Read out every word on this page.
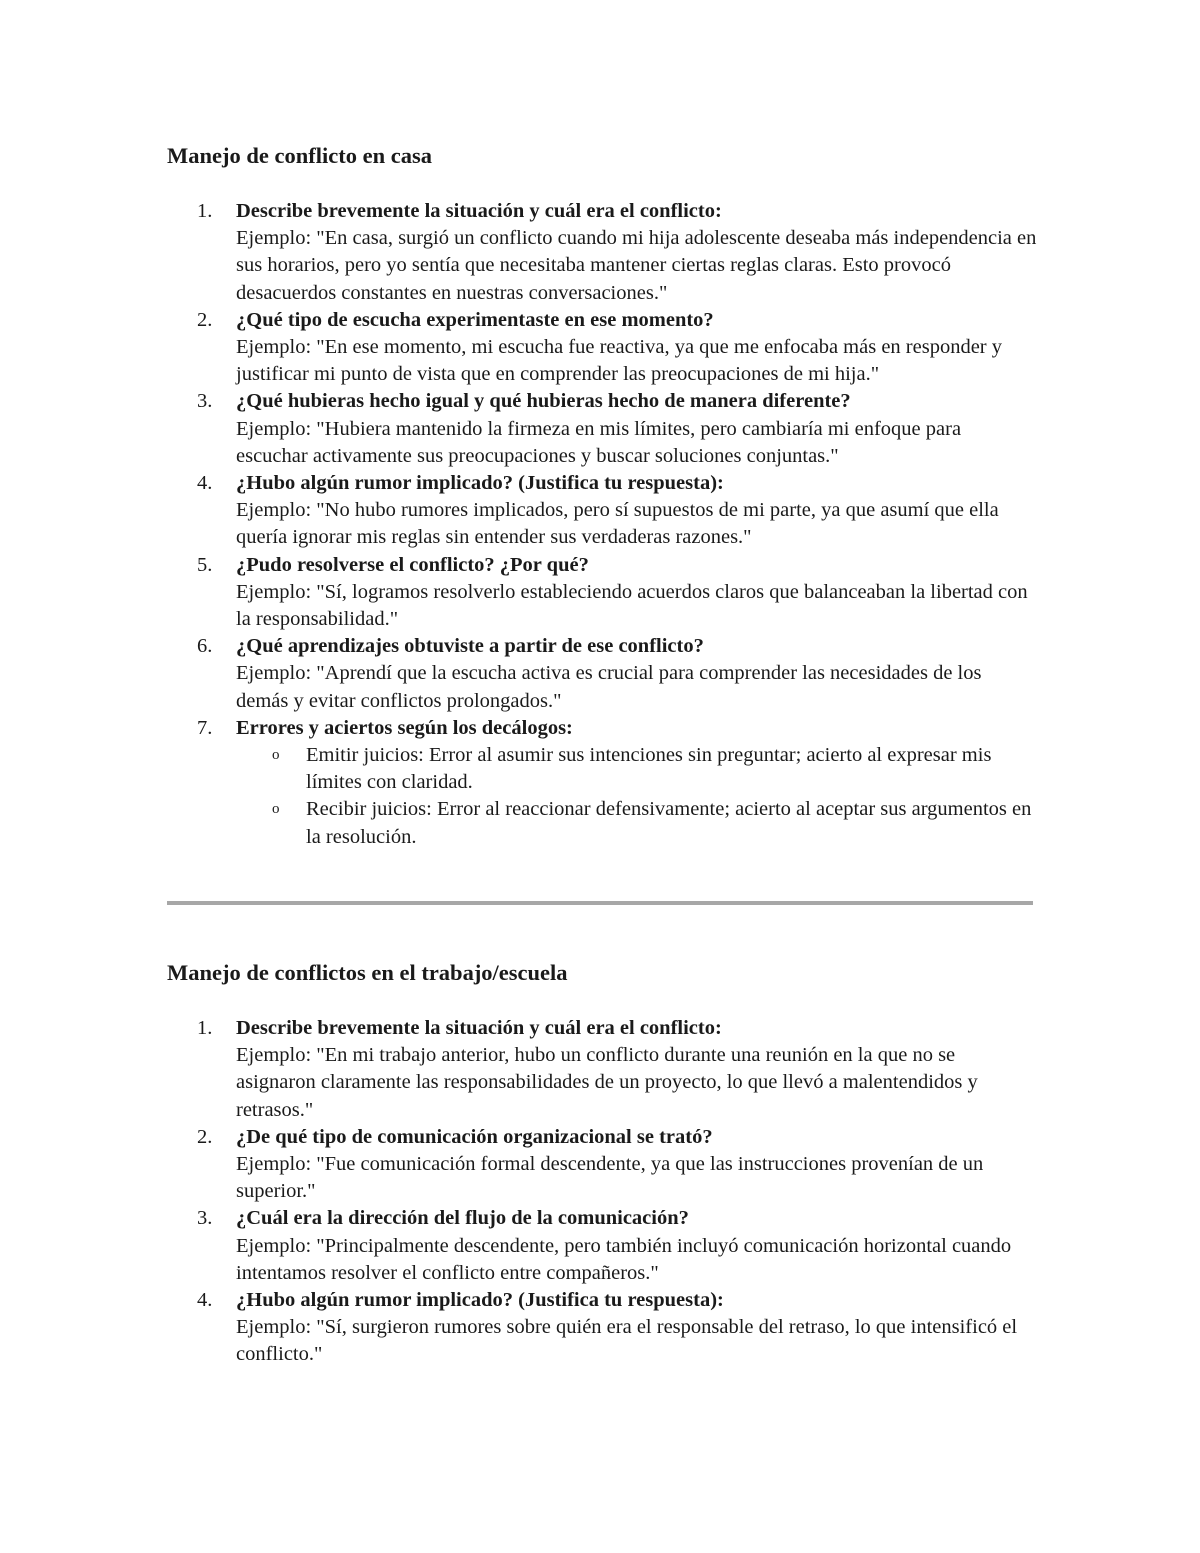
Manejo de conflicto en casa
1.	Describe brevemente la situación y cuál era el conflicto:
Ejemplo: "En casa, surgió un conflicto cuando mi hija adolescente deseaba más independencia en sus horarios, pero yo sentía que necesitaba mantener ciertas reglas claras. Esto provocó desacuerdos constantes en nuestras conversaciones."
2.	¿Qué tipo de escucha experimentaste en ese momento?
Ejemplo: "En ese momento, mi escucha fue reactiva, ya que me enfocaba más en responder y justificar mi punto de vista que en comprender las preocupaciones de mi hija."
3.	¿Qué hubieras hecho igual y qué hubieras hecho de manera diferente?
Ejemplo: "Hubiera mantenido la firmeza en mis límites, pero cambiaría mi enfoque para escuchar activamente sus preocupaciones y buscar soluciones conjuntas."
4.	¿Hubo algún rumor implicado? (Justifica tu respuesta):
Ejemplo: "No hubo rumores implicados, pero sí supuestos de mi parte, ya que asumí que ella quería ignorar mis reglas sin entender sus verdaderas razones."
5.	¿Pudo resolverse el conflicto? ¿Por qué?
Ejemplo: "Sí, logramos resolverlo estableciendo acuerdos claros que balanceaban la libertad con la responsabilidad."
6.	¿Qué aprendizajes obtuviste a partir de ese conflicto?
Ejemplo: "Aprendí que la escucha activa es crucial para comprender las necesidades de los demás y evitar conflictos prolongados."
7.	Errores y aciertos según los decálogos:
o Emitir juicios: Error al asumir sus intenciones sin preguntar; acierto al expresar mis límites con claridad.
o Recibir juicios: Error al reaccionar defensivamente; acierto al aceptar sus argumentos en la resolución.
Manejo de conflictos en el trabajo/escuela
1.	Describe brevemente la situación y cuál era el conflicto:
Ejemplo: "En mi trabajo anterior, hubo un conflicto durante una reunión en la que no se asignaron claramente las responsabilidades de un proyecto, lo que llevó a malentendidos y retrasos."
2.	¿De qué tipo de comunicación organizacional se trató?
Ejemplo: "Fue comunicación formal descendente, ya que las instrucciones provenían de un superior."
3.	¿Cuál era la dirección del flujo de la comunicación?
Ejemplo: "Principalmente descendente, pero también incluyó comunicación horizontal cuando intentamos resolver el conflicto entre compañeros."
4.	¿Hubo algún rumor implicado? (Justifica tu respuesta):
Ejemplo: "Sí, surgieron rumores sobre quién era el responsable del retraso, lo que intensificó el conflicto."
